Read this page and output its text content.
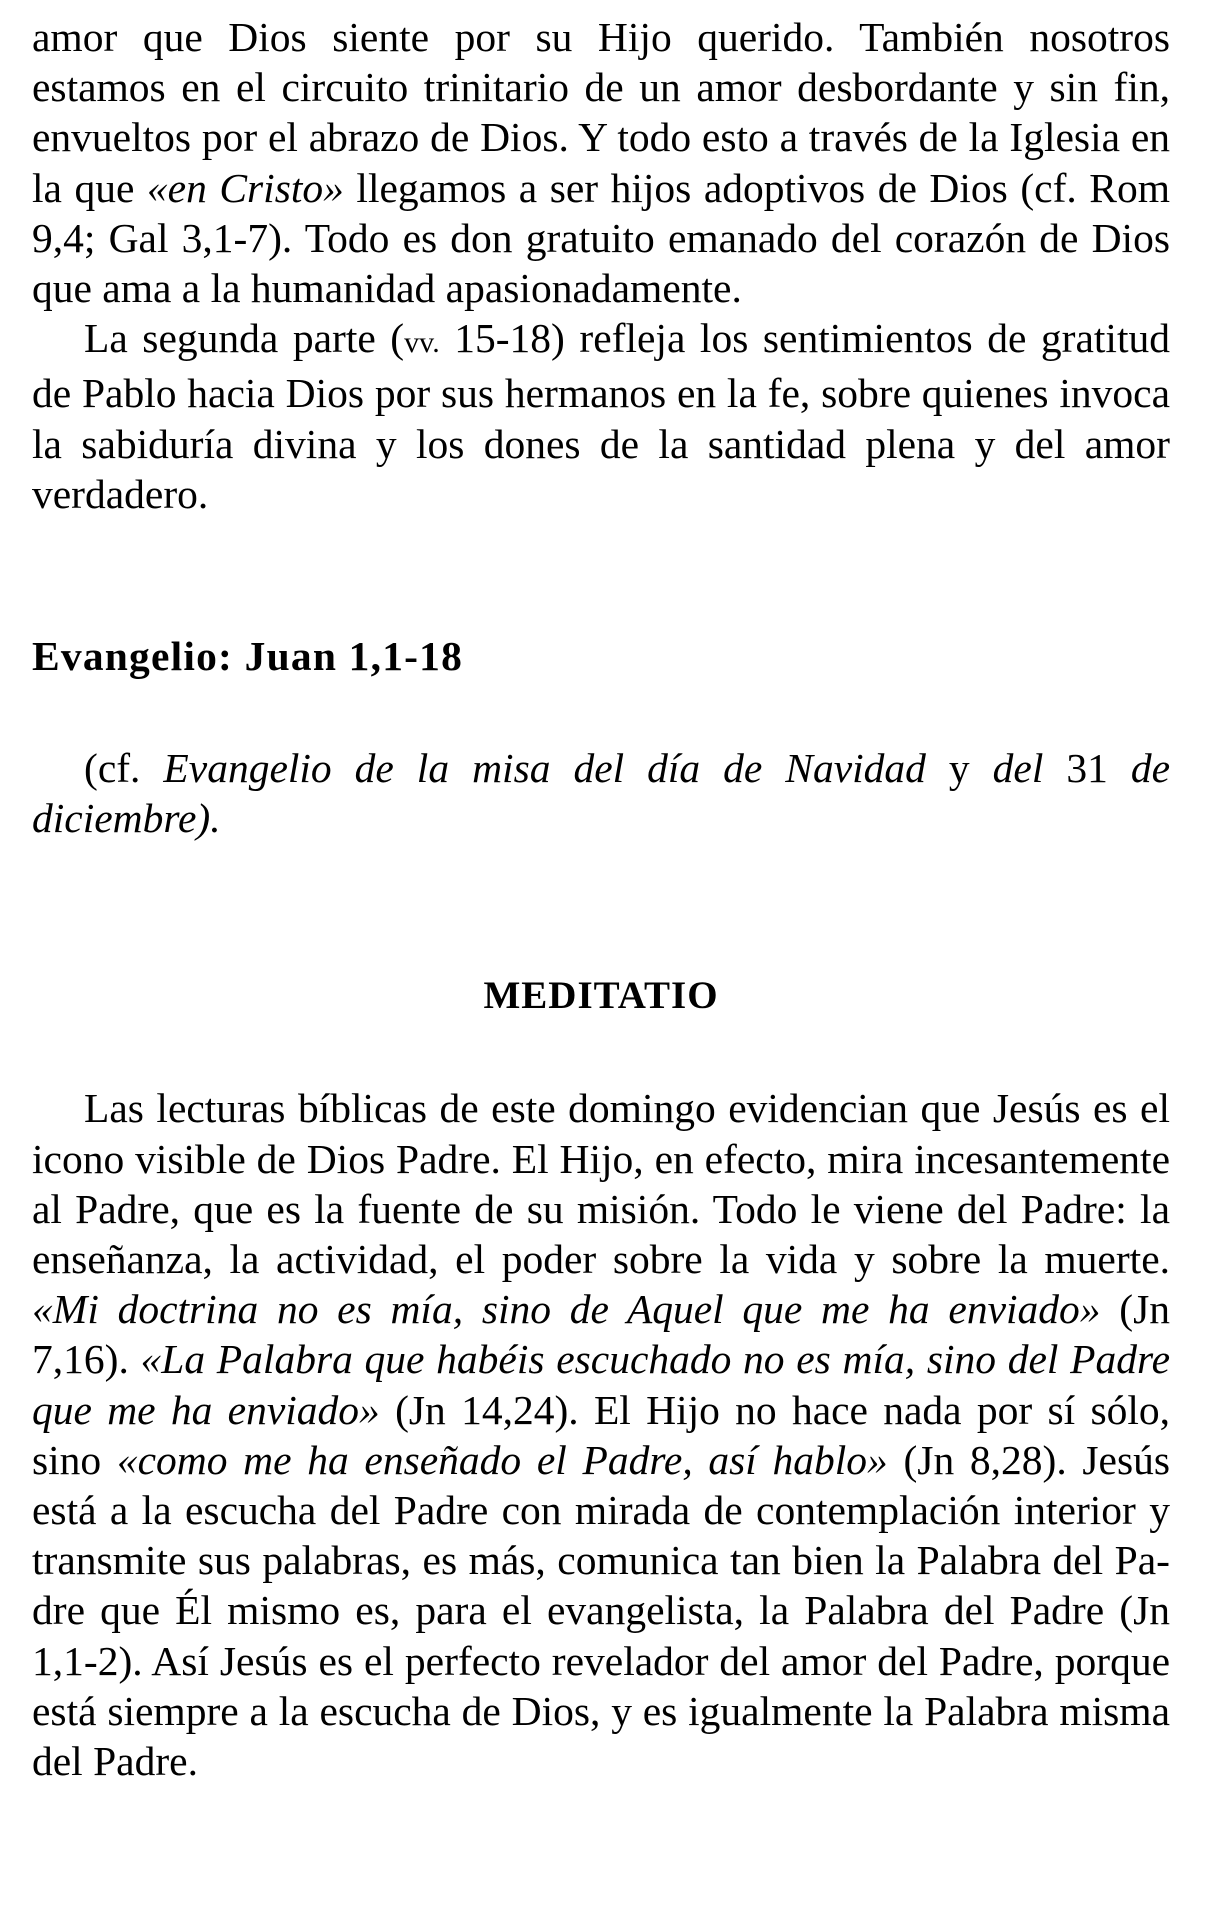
amor que Dios siente por su Hijo querido. También nosotros estamos en el circuito trinitario de un amor desbordante y sin fin, envueltos por el abrazo de Dios. Y todo esto a través de la Iglesia en la que «en Cristo» llegamos a ser hijos adoptivos de Dios (cf. Rom 9,4; Gal 3,1-7). Todo es don gratuito emanado del corazón de Dios que ama a la humanidad apasionadamente.

La segunda parte (vv. 15-18) refleja los sentimientos de gratitud de Pablo hacia Dios por sus hermanos en la fe, sobre quienes invoca la sabiduría divina y los dones de la santidad plena y del amor verdadero.

Evangelio: Juan 1,1-18

(cf. Evangelio de la misa del día de Navidad y del 31 de diciembre).

MEDITATIO

Las lecturas bíblicas de este domingo evidencian que Jesús es el icono visible de Dios Padre. El Hijo, en efecto, mira incesantemente al Padre, que es la fuente de su misión. Todo le viene del Padre: la enseñanza, la actividad, el poder sobre la vida y sobre la muerte. «Mi doctrina no es mía, sino de Aquel que me ha enviado» (Jn 7,16). «La Palabra que habéis escuchado no es mía, sino del Padre que me ha enviado» (Jn 14,24). El Hijo no hace nada por sí sólo, sino «como me ha enseñado el Padre, así hablo» (Jn 8,28). Jesús está a la escucha del Padre con mirada de contemplación interior y transmite sus palabras, es más, comunica tan bien la Palabra del Padre que Él mismo es, para el evangelista, la Palabra del Padre (Jn 1,1-2). Así Jesús es el perfecto revelador del amor del Padre, porque está siempre a la escucha de Dios, y es igualmente la Palabra misma del Padre.
